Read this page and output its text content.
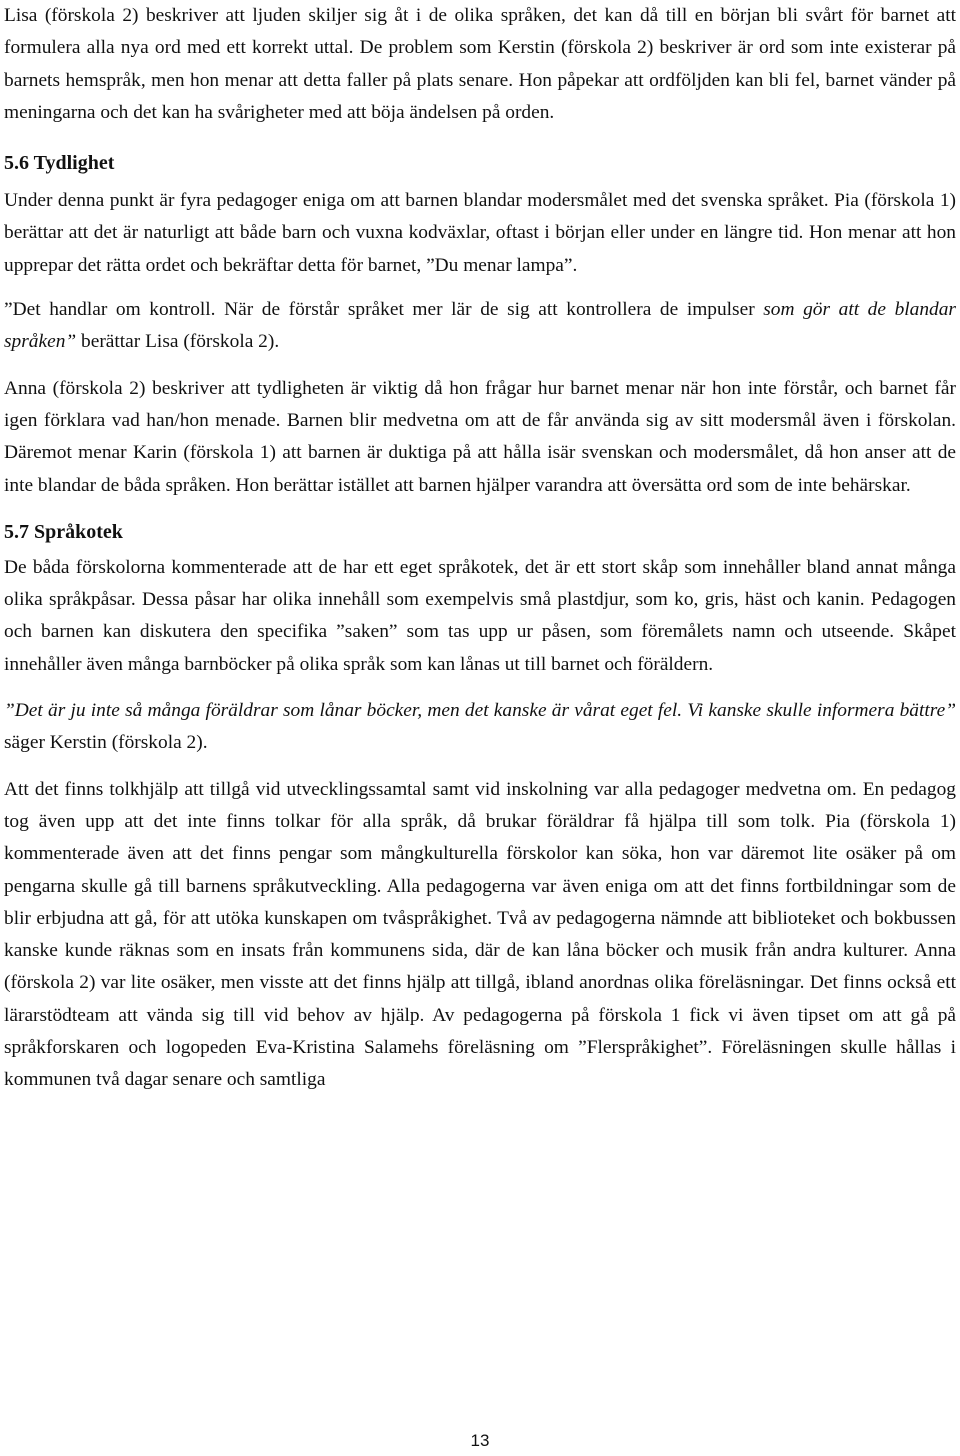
Lisa (förskola 2) beskriver att ljuden skiljer sig åt i de olika språken, det kan då till en början bli svårt för barnet att formulera alla nya ord med ett korrekt uttal. De problem som Kerstin (förskola 2) beskriver är ord som inte existerar på barnets hemspråk, men hon menar att detta faller på plats senare. Hon påpekar att ordföljden kan bli fel, barnet vänder på meningarna och det kan ha svårigheter med att böja ändelsen på orden.

5.6 Tydlighet

Under denna punkt är fyra pedagoger eniga om att barnen blandar modersmålet med det svenska språket. Pia (förskola 1) berättar att det är naturligt att både barn och vuxna kodväxlar, oftast i början eller under en längre tid. Hon menar att hon upprepar det rätta ordet och bekräftar detta för barnet, ”Du menar lampa”.

”Det handlar om kontroll. När de förstår språket mer lär de sig att kontrollera de impulser som gör att de blandar språken” berättar Lisa (förskola 2).

Anna (förskola 2) beskriver att tydligheten är viktig då hon frågar hur barnet menar när hon inte förstår, och barnet får igen förklara vad han/hon menade. Barnen blir medvetna om att de får använda sig av sitt modersmål även i förskolan. Däremot menar Karin (förskola 1) att barnen är duktiga på att hålla isär svenskan och modersmålet, då hon anser att de inte blandar de båda språken. Hon berättar istället att barnen hjälper varandra att översätta ord som de inte behärskar.

5.7 Språkotek

De båda förskolorna kommenterade att de har ett eget språkotek, det är ett stort skåp som innehåller bland annat många olika språkpåsar. Dessa påsar har olika innehåll som exempelvis små plastdjur, som ko, gris, häst och kanin. Pedagogen och barnen kan diskutera den specifika ”saken” som tas upp ur påsen, som föremålets namn och utseende. Skåpet innehåller även många barnböcker på olika språk som kan lånas ut till barnet och föräldern.

”Det är ju inte så många föräldrar som lånar böcker, men det kanske är vårat eget fel. Vi kanske skulle informera bättre” säger Kerstin (förskola 2).

Att det finns tolkhjälp att tillgå vid utvecklingssamtal samt vid inskolning var alla pedagoger medvetna om. En pedagog tog även upp att det inte finns tolkar för alla språk, då brukar föräldrar få hjälpa till som tolk. Pia (förskola 1) kommenterade även att det finns pengar som mångkulturella förskolor kan söka, hon var däremot lite osäker på om pengarna skulle gå till barnens språkutveckling. Alla pedagogerna var även eniga om att det finns fortbildningar som de blir erbjudna att gå, för att utöka kunskapen om tvåspråkighet. Två av pedagogerna nämnde att biblioteket och bokbussen kanske kunde räknas som en insats från kommunens sida, där de kan låna böcker och musik från andra kulturer. Anna (förskola 2) var lite osäker, men visste att det finns hjälp att tillgå, ibland anordnas olika föreläsningar. Det finns också ett lärarstödteam att vända sig till vid behov av hjälp. Av pedagogerna på förskola 1 fick vi även tipset om att gå på språkforskaren och logopeden Eva-Kristina Salamehs föreläsning om ”Flerspråkighet”. Föreläsningen skulle hållas i kommunen två dagar senare och samtliga

13
